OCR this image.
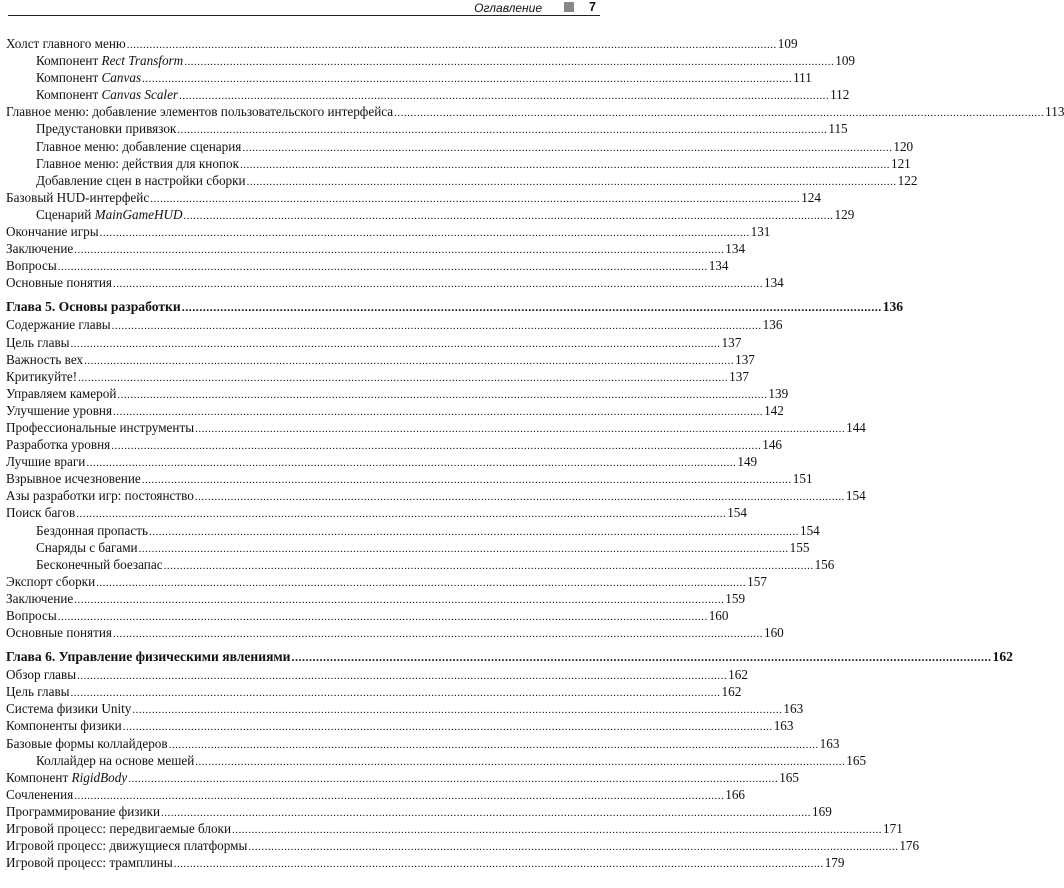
Оглавление	7
Холст главного меню ........................................................................................................................................................................................................ 109
Компонент Rect Transform ........................................................................................................................................................................................................ 109
Компонент Canvas ........................................................................................................................................................................................................ 111
Компонент Canvas Scaler ........................................................................................................................................................................................................ 112
Главное меню: добавление элементов пользовательского интерфейса ........................................................................................................................................................................................................ 113
Предустановки привязок ........................................................................................................................................................................................................ 115
Главное меню: добавление сценария ........................................................................................................................................................................................................ 120
Главное меню: действия для кнопок ........................................................................................................................................................................................................ 121
Добавление сцен в настройки сборки ........................................................................................................................................................................................................ 122
Базовый HUD-интерфейс ........................................................................................................................................................................................................ 124
Сценарий MainGameHUD ........................................................................................................................................................................................................ 129
Окончание игры ........................................................................................................................................................................................................ 131
Заключение ........................................................................................................................................................................................................ 134
Вопросы ........................................................................................................................................................................................................ 134
Основные понятия ........................................................................................................................................................................................................ 134
Глава 5. Основы разработки ........................................................................................................................................................................................................ 136
Содержание главы ........................................................................................................................................................................................................ 136
Цель главы ........................................................................................................................................................................................................ 137
Важность вех ........................................................................................................................................................................................................ 137
Критикуйте! ........................................................................................................................................................................................................ 137
Управляем камерой ........................................................................................................................................................................................................ 139
Улучшение уровня ........................................................................................................................................................................................................ 142
Профессиональные инструменты ........................................................................................................................................................................................................ 144
Разработка уровня ........................................................................................................................................................................................................ 146
Лучшие враги ........................................................................................................................................................................................................ 149
Взрывное исчезновение ........................................................................................................................................................................................................ 151
Азы разработки игр: постоянство ........................................................................................................................................................................................................ 154
Поиск багов ........................................................................................................................................................................................................ 154
Бездонная пропасть ........................................................................................................................................................................................................ 154
Снаряды с багами ........................................................................................................................................................................................................ 155
Бесконечный боезапас ........................................................................................................................................................................................................ 156
Экспорт сборки ........................................................................................................................................................................................................ 157
Заключение ........................................................................................................................................................................................................ 159
Вопросы ........................................................................................................................................................................................................ 160
Основные понятия ........................................................................................................................................................................................................ 160
Глава 6. Управление физическими явлениями ........................................................................................................................................................................................................ 162
Обзор главы ........................................................................................................................................................................................................ 162
Цель главы ........................................................................................................................................................................................................ 162
Система физики Unity ........................................................................................................................................................................................................ 163
Компоненты физики ........................................................................................................................................................................................................ 163
Базовые формы коллайдеров ........................................................................................................................................................................................................ 163
Коллайдер на основе мешей ........................................................................................................................................................................................................ 165
Компонент RigidBody ........................................................................................................................................................................................................ 165
Сочленения ........................................................................................................................................................................................................ 166
Программирование физики ........................................................................................................................................................................................................ 169
Игровой процесс: передвигаемые блоки ........................................................................................................................................................................................................ 171
Игровой процесс: движущиеся платформы ........................................................................................................................................................................................................ 176
Игровой процесс: трамплины ........................................................................................................................................................................................................ 179
